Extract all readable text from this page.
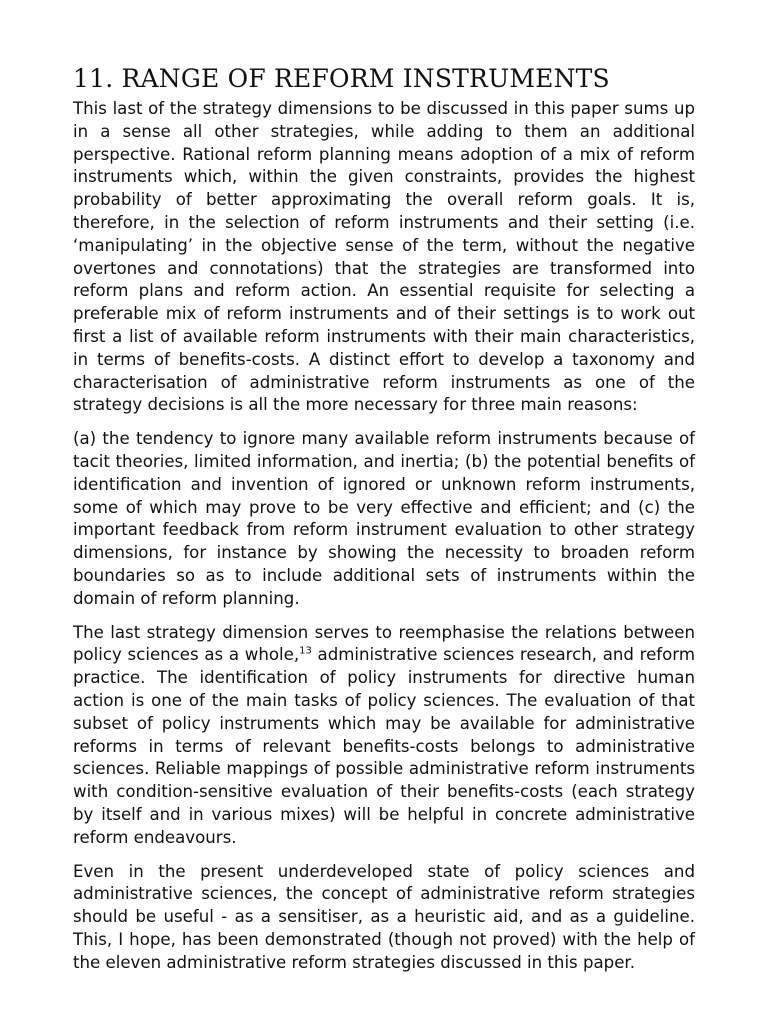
11. RANGE OF REFORM INSTRUMENTS

This last of the strategy dimensions to be discussed in this paper sums up in a sense all other strategies, while adding to them an additional perspective. Rational reform planning means adoption of a mix of reform instruments which, within the given constraints, provides the highest probability of better approximating the overall reform goals. It is, therefore, in the selection of reform instruments and their setting (i.e. ‘manipulating’ in the objective sense of the term, without the negative overtones and connotations) that the strategies are transformed into reform plans and reform action. An essential requisite for selecting a preferable mix of reform instruments and of their settings is to work out first a list of available reform instruments with their main characteristics, in terms of benefits-costs. A distinct effort to develop a taxonomy and characterisation of administrative reform instruments as one of the strategy decisions is all the more necessary for three main reasons:

(a) the tendency to ignore many available reform instruments because of tacit theories, limited information, and inertia; (b) the potential benefits of identification and invention of ignored or unknown reform instruments, some of which may prove to be very effective and efficient; and (c) the important feedback from reform instrument evaluation to other strategy dimensions, for instance by showing the necessity to broaden reform boundaries so as to include additional sets of instruments within the domain of reform planning.

The last strategy dimension serves to reemphasise the relations between policy sciences as a whole,$^{13}$ administrative sciences research, and reform practice. The identification of policy instruments for directive human action is one of the main tasks of policy sciences. The evaluation of that subset of policy instruments which may be available for administrative reforms in terms of relevant benefits-costs belongs to administrative sciences. Reliable mappings of possible administrative reform instruments with condition-sensitive evaluation of their benefits-costs (each strategy by itself and in various mixes) will be helpful in concrete administrative reform endeavours.

Even in the present underdeveloped state of policy sciences and administrative sciences, the concept of administrative reform strategies should be useful - as a sensitiser, as a heuristic aid, and as a guideline. This, I hope, has been demonstrated (though not proved) with the help of the eleven administrative reform strategies discussed in this paper.
